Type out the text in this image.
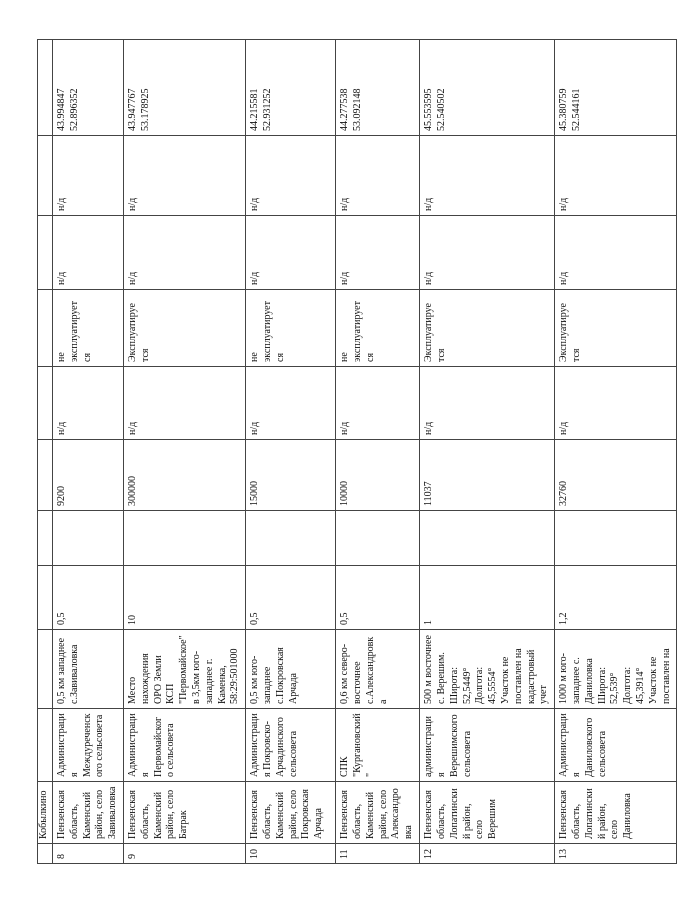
	Кобылкино										
8	Пензенская область, Каменский район, село Завиваловка	Администрация Междуреченского сельсовета	0,5 км западнее с.Завиваловка	0,5		9200	н/д	не эксплуатирует ся	н/д	н/д	43.994847
52.896352
9	Пензенская область, Каменский район, село Батрак	Администрация Первомайского сельсовета	Место нахождения ОРО Земли КСП "Первомайское" в 3,5км юго-западнее г. Каменка, 58:29:501000	10		300000	н/д	Эксплуатируе тся	н/д	н/д	43.947767
53.178925
10	Пензенская область, Каменский район, село Покровская Арчада	Администрация Покровско-Арчадинского сельсовета	0,5 км юго-западнее с.Покровская Арчада	0,5		15000	н/д	не эксплуатирует ся	н/д	н/д	44.215581
52.931252
11	Пензенская область, Каменский район, село Александровка	СПК "Кургановский"	0,6 км северо-восточнее с.Александровка	0,5		10000	н/д	не эксплуатирует ся	н/д	н/д	44.277538
53.092148
12	Пензенская область, Лопатинский район, село Верешим	администрация Верешимского сельсовета	500 м восточнее с. Верешим. Широта: 52,5449° Долгота: 45,5554° Участок не поставлен на кадастровый учет	1		11037	н/д	Эксплуатируе тся	н/д	н/д	45.553595
52.540502
13	Пензенская область, Лопатинский район, село Даниловка	Администрация Даниловского сельсовета	1000 м юго-западнее с. Даниловка Широта: 52,539° Долгота: 45,3914° Участок не поставлен на	1,2		32760	н/д	Эксплуатируе тся	н/д	н/д	45.380759
52.544161
